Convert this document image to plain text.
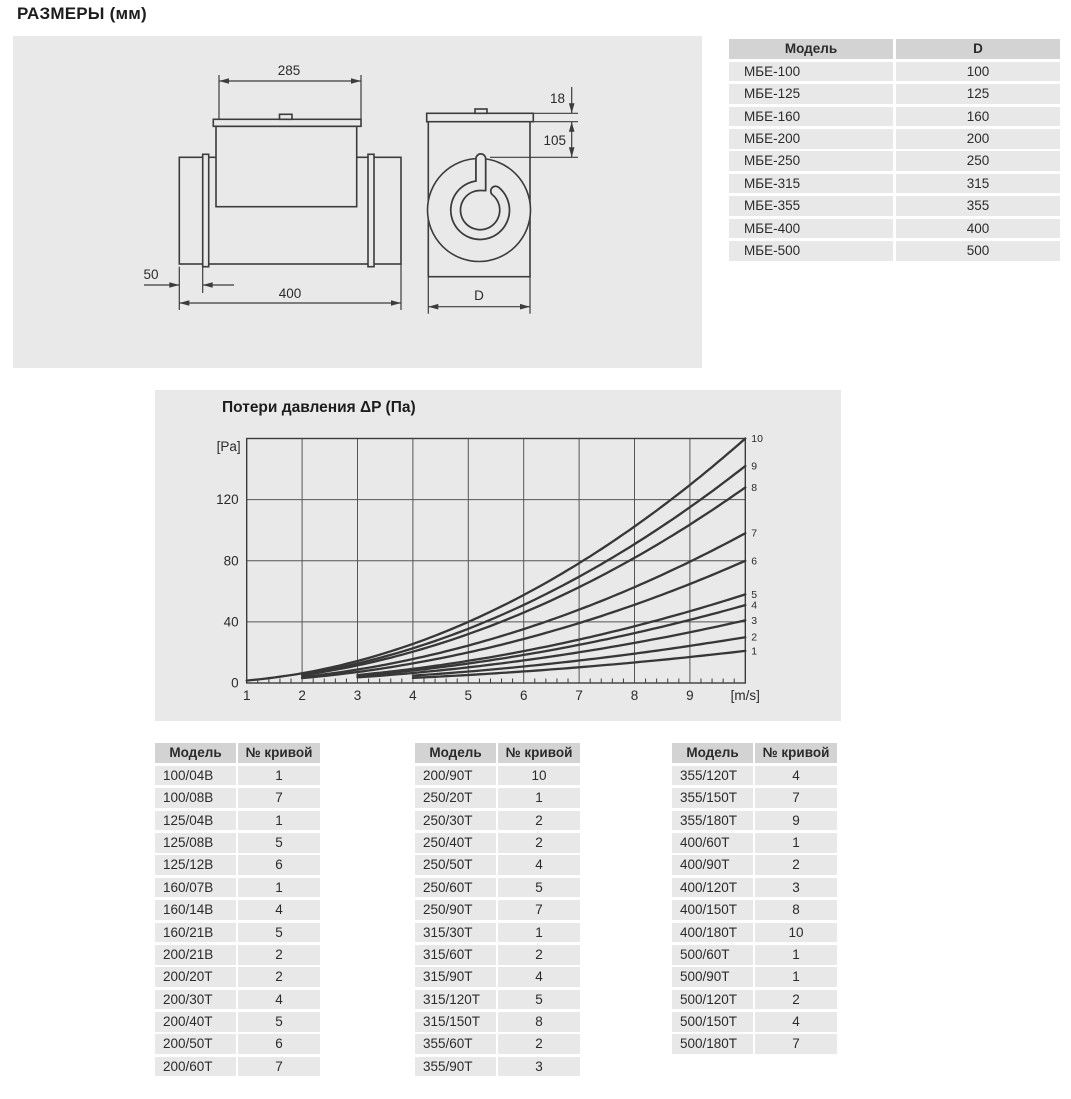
РАЗМЕРЫ (мм)
285
50
400
18
105
D
Модель	D
МБЕ-100	100
МБЕ-125	125
МБЕ-160	160
МБЕ-200	200
МБЕ-250	250
МБЕ-315	315
МБЕ-355	355
МБЕ-400	400
МБЕ-500	500
Потери давления ΔP (Па)
1
2
3
4
5
6
7
8
9
10
1	2	3	4	5	6	7	8	9	[m/s]
0
40
80
120
[Pa]
Модель	№ кривой
100/04В	1
100/08В	7
125/04В	1
125/08В	5
125/12В	6
160/07В	1
160/14В	4
160/21В	5
200/21В	2
200/20Т	2
200/30Т	4
200/40Т	5
200/50Т	6
200/60Т	7
Модель	№ кривой
200/90Т	10
250/20Т	1
250/30Т	2
250/40Т	2
250/50Т	4
250/60Т	5
250/90Т	7
315/30Т	1
315/60Т	2
315/90Т	4
315/120Т	5
315/150Т	8
355/60Т	2
355/90Т	3
Модель	№ кривой
355/120Т	4
355/150Т	7
355/180Т	9
400/60Т	1
400/90Т	2
400/120Т	3
400/150Т	8
400/180Т	10
500/60Т	1
500/90Т	1
500/120Т	2
500/150Т	4
500/180Т	7
